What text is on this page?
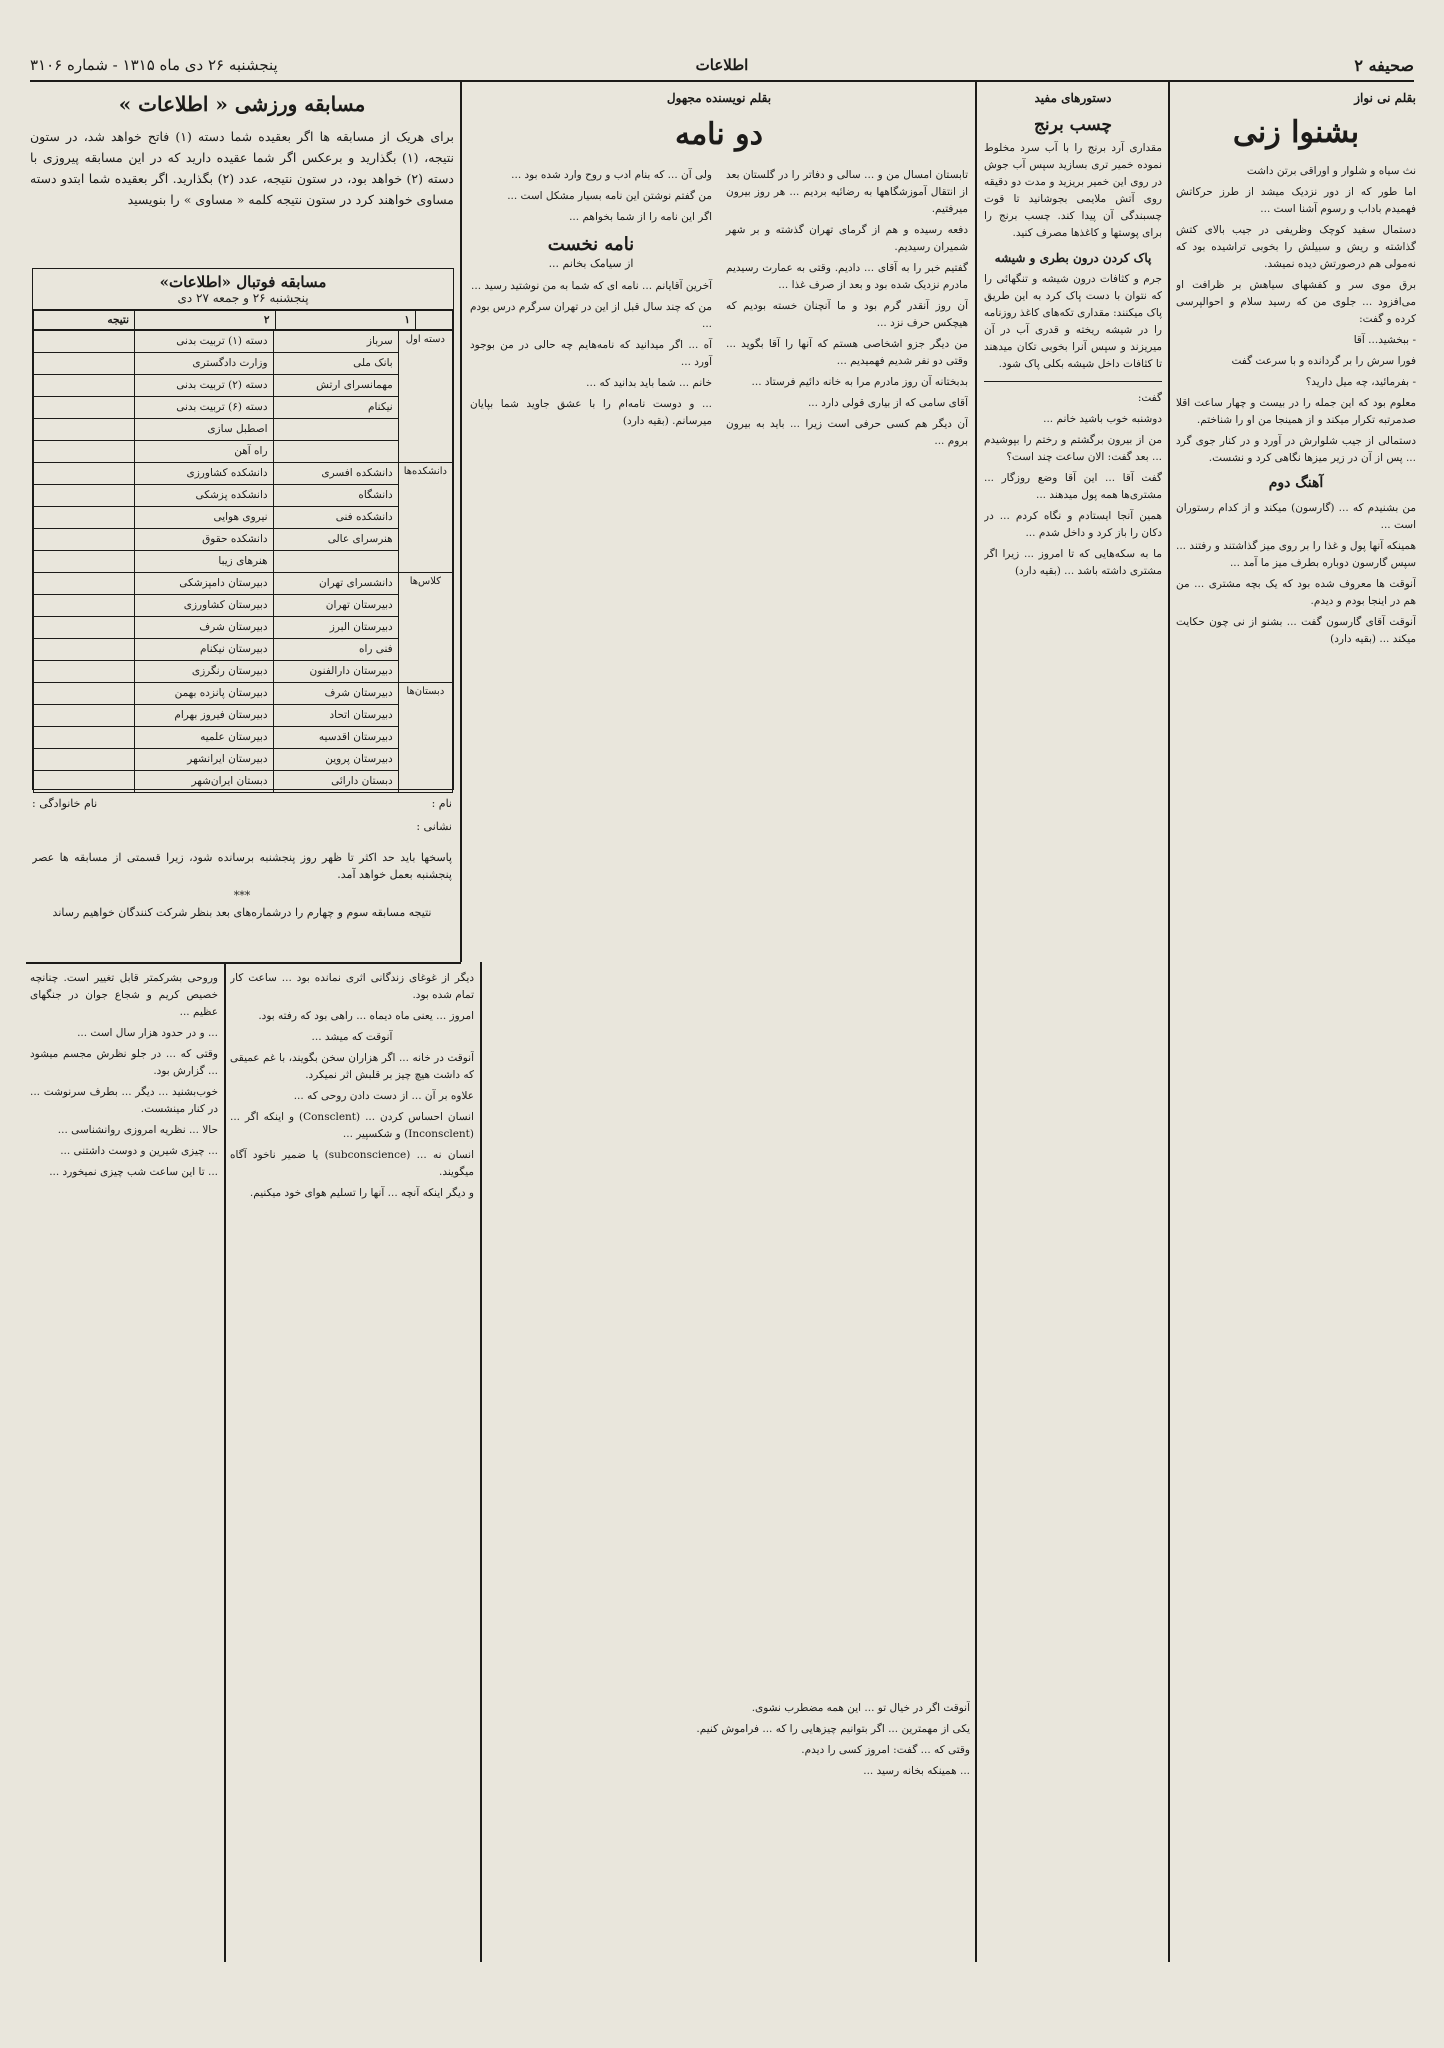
صحیفه ۲
اطلاعات
پنجشنبه ۲۶ دی ماه ۱۳۱۵ - شماره ۳۱۰۶
بقلم نی نواز
بشنوا زنی

نث سیاه و شلوار و اوراقی برتن داشت

اما طور که از دور نزدیک میشد از طرز حرکاتش فهمیدم باداب و رسوم آشنا است ...

دستمال سفید کوچک وظریفی در جیب بالای کتش گذاشته و ریش و سبیلش را بخوبی تراشیده بود که نه‌مولی هم درصورتش دیده نمیشد.

برق موی سر و کفشهای سیاهش بر ظرافت او می‌افزود ... جلوی من که رسید سلام و احوالپرسی کرده و گفت:

- ببخشید... آقا

فورا سرش را بر گردانده و با سرعت گفت

- بفرمائید، چه میل دارید؟

معلوم بود که این جمله را در بیست و چهار ساعت اقلا صدمرتبه تکرار میکند و از همینجا من او را شناختم.

دستمالی از جیب شلوارش در آورد و در کنار جوی گرد ... پس از آن در زیر میزها نگاهی کرد و نشست.

آهنگ دوم

من بشنیدم که ... (گارسون) میکند و از کدام رستوران است ...

همینکه آنها پول و غذا را بر روی میز گذاشتند و رفتند ... سپس گارسون دوباره بطرف میز ما آمد ...

آنوقت ها معروف شده بود که یک بچه مشتری ... من هم در اینجا بودم و دیدم.

آنوقت آقای گارسون گفت ... بشنو از نی چون حکایت میکند ... (بقیه دارد)

دستورهای مفید
چسب برنج

مقداری آرد برنج را با آب سرد مخلوط نموده خمیر تری بسازید سپس آب جوش در روی این خمیر بریزید و مدت دو دقیقه روی آتش ملایمی بجوشانید تا قوت چسبندگی آن پیدا کند. چسب برنج را برای پوستها و کاغذها مصرف کنید.

پاک کردن درون بطری و شیشه

جرم و کثافات درون شیشه و تنگهائی را که نتوان با دست پاک کرد به این طریق پاک میکنند: مقداری تکه‌های کاغذ روزنامه را در شیشه ریخته و قدری آب در آن میریزند و سپس آنرا بخوبی تکان میدهند تا کثافات داخل شیشه بکلی پاک شود.

گفت:

دوشنبه خوب باشید خانم ...

من از بیرون برگشتم و رختم را بپوشیدم ... بعد گفت: الان ساعت چند است؟

گفت آقا ... این آقا وضع روزگار ... مشتری‌ها همه پول میدهند ...

همین آنجا ایستادم و نگاه کردم ... در دکان را باز کرد و داخل شدم ...

ما به سکه‌هایی که تا امروز ... زیرا اگر مشتری داشته باشد ... (بقیه دارد)

بقلم نویسنده مجهول
دو نامه

تابستان امسال من و ... سالی و دفاتر را در گلستان بعد از انتقال آموزشگاهها به رضائیه بردیم ... هر روز بیرون میرفتیم.

دفعه رسیده و هم از گرمای تهران گذشته و بر شهر شمیران رسیدیم.

گفتیم خبر را به آقای ... دادیم. وقتی به عمارت رسیدیم مادرم نزدیک شده بود و بعد از صرف غذا ...

آن روز آنقدر گرم بود و ما آنچنان خسته بودیم که هیچکس حرف نزد ...

من دیگر جزو اشخاصی هستم که آنها را آقا بگوید ... وقتی دو نفر شدیم فهمیدیم ...

بدبختانه آن روز مادرم مرا به خانه دائیم فرستاد ...

آقای سامی که از بیاری قولی دارد ...

آن دیگر هم کسی حرفی است زیرا ... باید به بیرون بروم ...

ولی آن ... که بنام ادب و روح وارد شده بود ...

من گفتم نوشتن این نامه بسیار مشکل است ...

اگر این نامه را از شما بخواهم ...

نامه نخست
از سیامک بخانم ...

آخرین آقایانم ... نامه ای که شما به من نوشتید رسید ...

من که چند سال قبل از این در تهران سرگرم درس بودم ...

آه ... اگر میدانید که نامه‌هایم چه حالی در من بوجود آورد ...

خانم ... شما باید بدانید که ...

... و دوست نامه‌ام را با عشق جاوید شما بپایان میرسانم. (بقیه دارد)

مسابقه ورزشی « اطلاعات »

برای هریک از مسابقه ها اگر بعقیده شما دسته (۱) فاتح خواهد شد، در ستون نتیجه، (۱) بگذارید و برعکس اگر شما عقیده دارید که در این مسابقه پیروزی با دسته (۲) خواهد بود، در ستون نتیجه، عدد (۲) بگذارید. اگر بعقیده شما ابتدو دسته مساوی خواهند کرد در ستون نتیجه کلمه « مساوی » را بنویسید

مسابقه فوتبال «اطلاعات»
پنجشنبه ۲۶ و جمعه ۲۷ دی
	۱	۲	نتیجه
دسته اول	سرباز	دسته (۱) تربیت بدنی	
	بانک ملی	وزارت دادگستری	
	مهمانسرای ارتش	دسته (۲) تربیت بدنی	
	نیکنام	دسته (۶) تربیت بدنی	
		اصطبل سازی	
		راه آهن	
دانشکده‌ها	دانشکده افسری	دانشکده کشاورزی	
	دانشگاه	دانشکده پزشکی	
	دانشکده فنی	نیروی هوایی	
	هنرسرای عالی	دانشکده حقوق	
		هنرهای زیبا	
کلاس‌ها	دانشسرای تهران	دبیرستان دامپزشکی	
	دبیرستان تهران	دبیرستان کشاورزی	
	دبیرستان البرز	دبیرستان شرف	
	فنی راه	دبیرستان نیکنام	
	دبیرستان دارالفنون	دبیرستان رنگرزی	
دبستان‌ها	دبیرستان شرف	دبیرستان پانزده بهمن	
	دبیرستان اتحاد	دبیرستان فیروز بهرام	
	دبیرستان اقدسیه	دبیرستان علمیه	
	دبیرستان پروین	دبیرستان ایرانشهر	
	دبستان دارائی	دبستان ایران‌شهر	
نام :
نام خانوادگی :
نشانی :

پاسخها باید حد اکثر تا ظهر روز پنجشنبه برسانده شود، زیرا قسمتی از مسابقه ها عصر پنجشنبه بعمل خواهد آمد.

***
نتیجه مسابقه سوم و چهارم را درشماره‌های بعد بنظر شرکت کنندگان خواهیم رساند

دیگر از غوغای زندگانی اثری نمانده بود ... ساعت کار تمام شده بود.

امروز ... یعنی ماه دیماه ... راهی بود که رفته بود.

آنوقت که میشد ...

آنوقت در خانه ... اگر هزاران سخن بگویند، با غم عمیقی که داشت هیچ چیز بر قلبش اثر نمیکرد.

علاوه بر آن ... از دست دادن روحی که ...

انسان احساس کردن ... (Consclent) و اینکه اگر ... (Inconsclent) و شکسپیر ...

انسان نه ... (subconscience) یا ضمیر ناخود آگاه میگویند.

و دیگر اینکه آنچه ... آنها را تسلیم هوای خود میکنیم.

وروحی بشرکمتر قابل تغییر است. چنانچه خصیص کریم و شجاع جوان در جنگهای عظیم ...

... و در حدود هزار سال است ...

وقتی که ... در جلو نظرش مجسم میشود ... گزارش بود.

خوب‌بشنید ... دیگر ... بطرف سرنوشت ... در کنار مینشست.

حالا ... نظریه امروزی روانشناسی ...

... چیزی شیرین و دوست داشتنی ...

... تا این ساعت شب چیزی نمیخورد ...

آنوقت اگر در خیال تو ... این همه مضطرب نشوی.

یکی از مهمترین ... اگر بتوانیم چیزهایی را که ... فراموش کنیم.

وقتی که ... گفت: امروز کسی را دیدم.

... همینکه بخانه رسید ...
